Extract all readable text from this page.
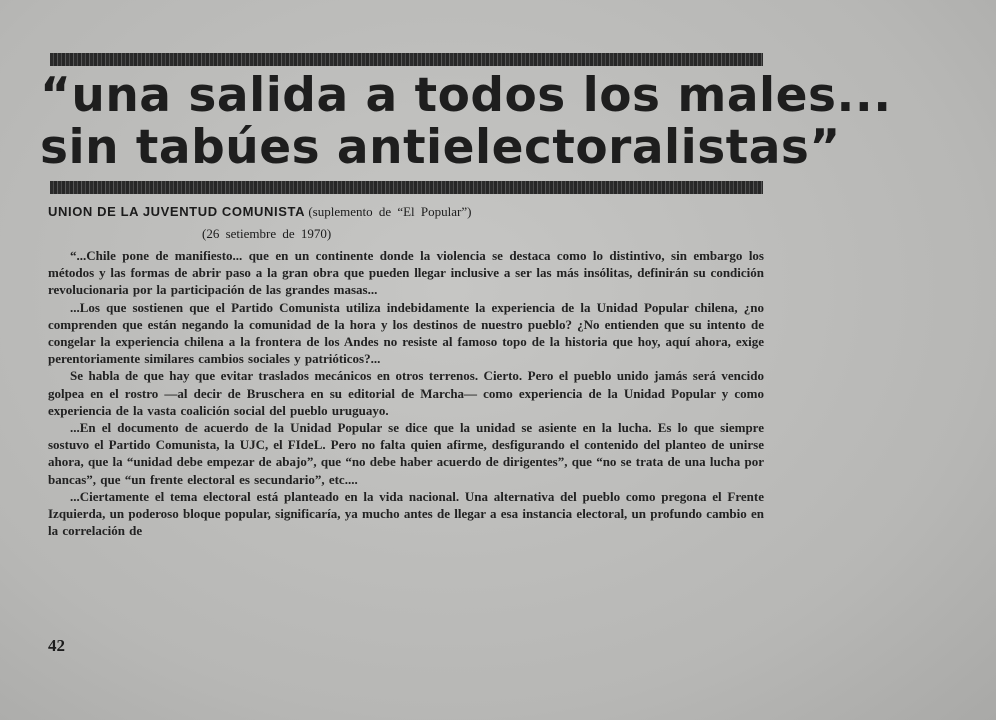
“una salida a todos los males...
sin tabúes antielectoralistas”
UNION DE LA JUVENTUD COMUNISTA (suplemento de “El Popular”)
(26 setiembre de 1970)

“...Chile pone de manifiesto... que en un continente donde la violencia se destaca como lo distintivo, sin embargo los métodos y las formas de abrir paso a la gran obra que pueden llegar inclusive a ser las más insólitas, definirán su condición revolucionaria por la participación de las grandes masas...

...Los que sostienen que el Partido Comunista utiliza indebidamente la experiencia de la Unidad Popular chilena, ¿no comprenden que están negando la comunidad de la hora y los destinos de nuestro pueblo? ¿No entienden que su intento de congelar la experiencia chilena a la frontera de los Andes no resiste al famoso topo de la historia que hoy, aquí ahora, exige perentoriamente similares cambios sociales y patrióticos?...

Se habla de que hay que evitar traslados mecánicos en otros terrenos. Cierto. Pero el pueblo unido jamás será vencido golpea en el rostro —al decir de Bruschera en su editorial de Marcha— como experiencia de la Unidad Popular y como experiencia de la vasta coalición social del pueblo uruguayo.

...En el documento de acuerdo de la Unidad Popular se dice que la unidad se asiente en la lucha. Es lo que siempre sostuvo el Partido Comunista, la UJC, el FIdeL. Pero no falta quien afirme, desfigurando el contenido del planteo de unirse ahora, que la “unidad debe empezar de abajo”, que “no debe haber acuerdo de dirigentes”, que “no se trata de una lucha por bancas”, que “un frente electoral es secundario”, etc....

...Ciertamente el tema electoral está planteado en la vida nacional. Una alternativa del pueblo como pregona el Frente Izquierda, un poderoso bloque popular, significaría, ya mucho antes de llegar a esa instancia electoral, un profundo cambio en la correlación de

42
